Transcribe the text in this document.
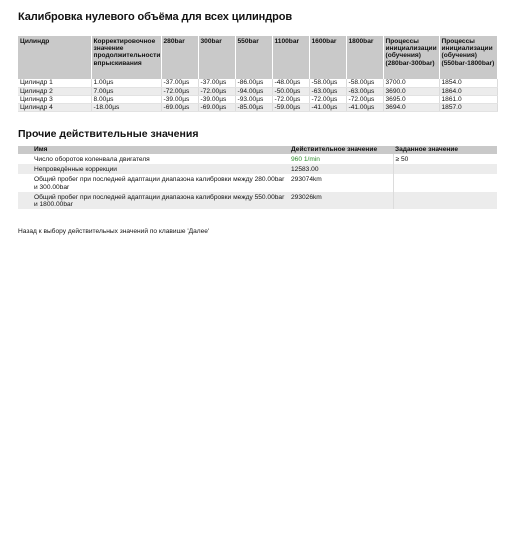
Калибровка нулевого объёма для всех цилиндров
Цилиндр	Корректировочное значение продолжительности впрыскивания	280bar	300bar	550bar	1100bar	1600bar	1800bar	Процессы инициализации (обучения) (280bar-300bar)	Процессы инициализации (обучения) (550bar-1800bar)
Цилиндр 1	1.00µs	-37.00µs	-37.00µs	-86.00µs	-48.00µs	-58.00µs	-58.00µs	3700.0	1854.0
Цилиндр 2	7.00µs	-72.00µs	-72.00µs	-94.00µs	-50.00µs	-63.00µs	-63.00µs	3690.0	1864.0
Цилиндр 3	8.00µs	-39.00µs	-39.00µs	-93.00µs	-72.00µs	-72.00µs	-72.00µs	3695.0	1861.0
Цилиндр 4	-18.00µs	-69.00µs	-69.00µs	-85.00µs	-59.00µs	-41.00µs	-41.00µs	3694.0	1857.0
Прочие действительные значения
Имя	Действительное значение	Заданное значение
Число оборотов коленвала двигателя	960 1/min	≥ 50
Непроведённые коррекции	12583.00	
Общий пробег при последней адаптации диапазона калибровки между 280.00bar и 300.00bar	293074km	
Общий пробег при последней адаптации диапазона калибровки между 550.00bar и 1800.00bar	293026km	

Назад к выбору действительных значений по клавише 'Далее'
